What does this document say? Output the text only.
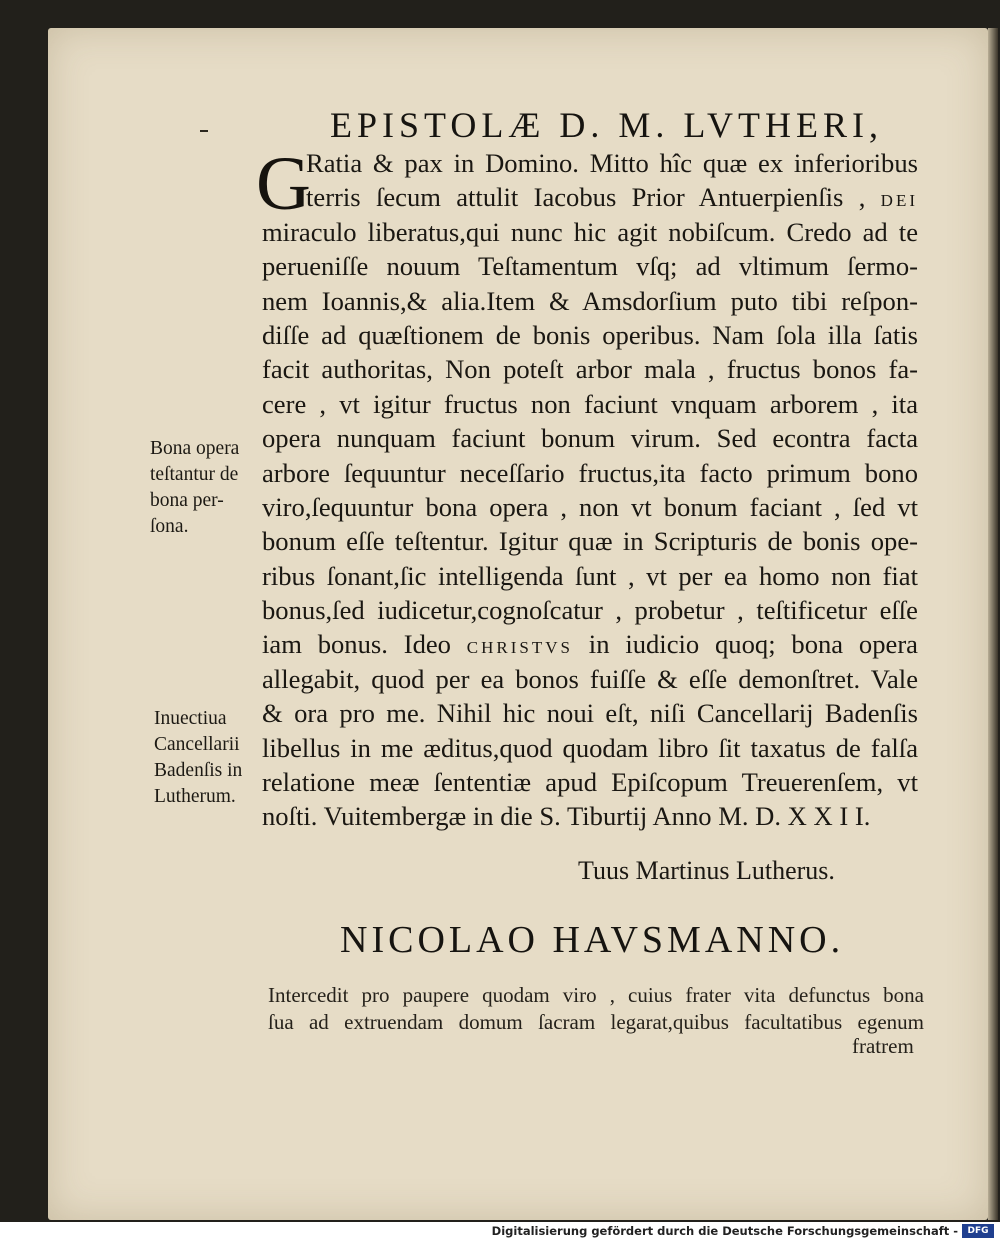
EPISTOLÆ D. M. LVTHERI,
G
Ratia & pax in Domino. Mitto hîc quæ ex inferioribus
terris ſecum attulit Iacobus Prior Antuerpienſis , DEI
miraculo liberatus,qui nunc hic agit nobiſcum. Credo ad te
perueniſſe nouum Teſtamentum vſq; ad vltimum ſermo-
nem Ioannis,& alia.Item & Amsdorſium puto tibi reſpon-
diſſe ad quæſtionem de bonis operibus. Nam ſola illa ſatis
facit authoritas, Non poteſt arbor mala , fructus bonos fa-
cere , vt igitur fructus non faciunt vnquam arborem , ita
opera nunquam faciunt bonum virum. Sed econtra facta
arbore ſequuntur neceſſario fructus,ita facto primum bono
viro,ſequuntur bona opera , non vt bonum faciant , ſed vt
bonum eſſe teſtentur. Igitur quæ in Scripturis de bonis ope-
ribus ſonant,ſic intelligenda ſunt , vt per ea homo non fiat
bonus,ſed iudicetur,cognoſcatur , probetur , teſtificetur eſſe
iam bonus. Ideo CHRISTVS in iudicio quoq; bona opera
allegabit, quod per ea bonos fuiſſe & eſſe demonſtret. Vale
& ora pro me. Nihil hic noui eſt, niſi Cancellarij Badenſis
libellus in me æditus,quod quodam libro ſit taxatus de falſa
relatione meæ ſententiæ apud Epiſcopum Treuerenſem, vt
noſti. Vuitembergæ in die S. Tiburtij Anno M. D. X X I I.
Bona opera
teſtantur de
bona per-
ſona.
Inuectiua
Cancellarii
Badenſis in
Lutherum.
Tuus Martinus Lutherus.
NICOLAO HAVSMANNO.
Intercedit pro paupere quodam viro , cuius frater vita defunctus bona
ſua ad extruendam domum ſacram legarat,quibus facultatibus egenum
fratrem
Digitalisierung gefördert durch die Deutsche Forschungsgemeinschaft -	DFG
